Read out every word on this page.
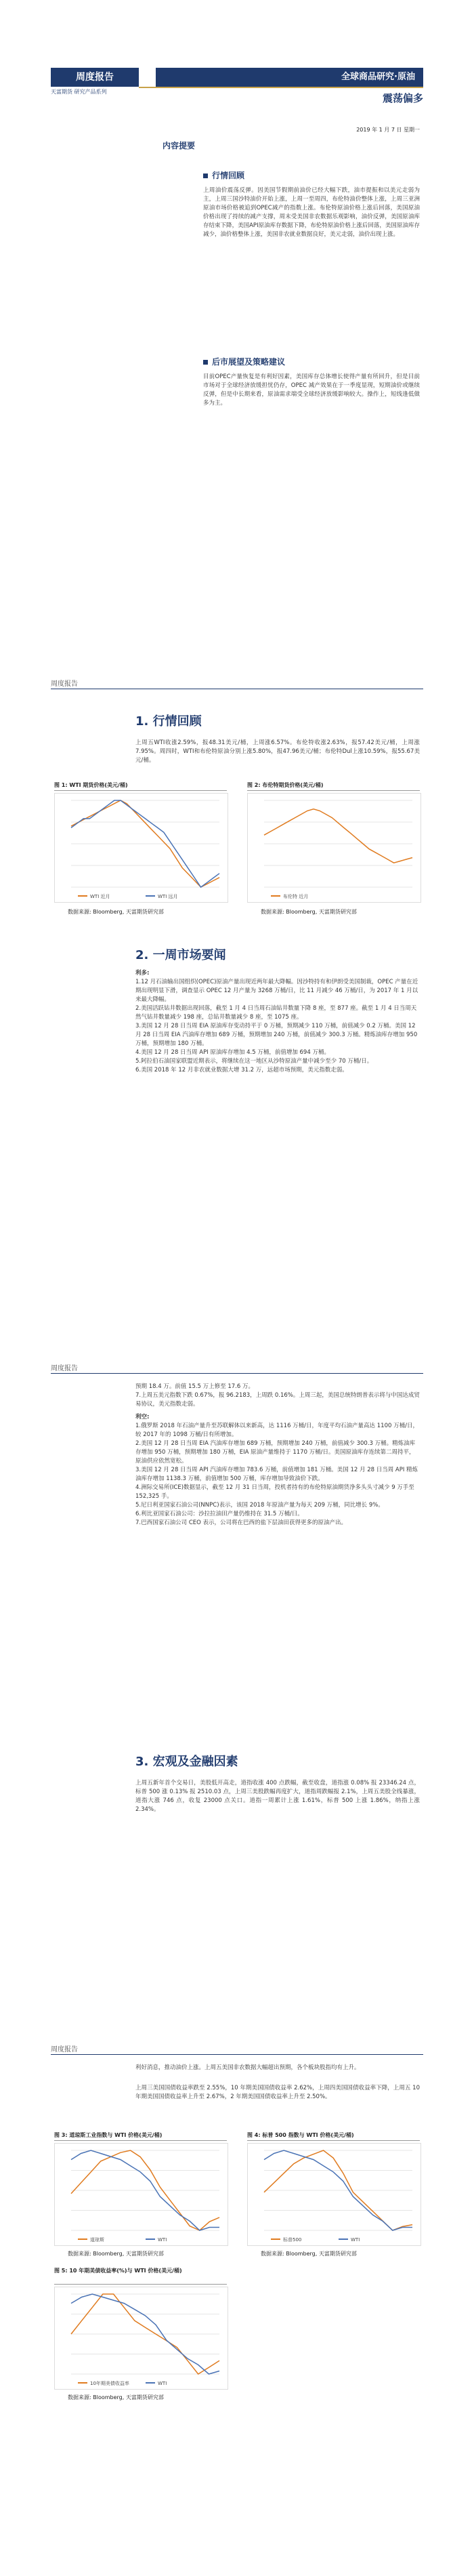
周度报告
天富期货 研究产品系列
全球商品研究·原油
震荡偏多
2019 年 1 月 7 日 星期一
内容提要
行情回顾
上周油价震荡反弹。因美国节假期前油价已经大幅下跌，油市提振和以美元走弱为主，上周三国沙特油价开始上涨，上周一至周四，布伦特油价整体上涨，上周三亚洲原油市场价格被追到OPEC减产的指数上涨。布伦特原油价格上涨后回落，美国原油价格出现了持续的减产支撑，周末受美国非农数据乐观影响，油价反弹，美国原油库存结束下降，美国API原油库存数据下降，布伦特原油价格上涨后回落，美国原油库存减少，油价格整体上涨，美国非农就业数据良好，美元走弱，油价出现上涨。
后市展望及策略建议
目前OPEC产量恢复是有利好因素，美国库存总体增长使得产量有所回升，但是目前市场对于全球经济放缓担忧仍存，OPEC 减产效果在于一季度显现，短期油价或继续反弹，但是中长期来看，原油需求端受全球经济放缓影响较大。操作上，短线逢低做多为主。
周度报告
1. 行情回顾
上周五WTI收涨2.59%，报48.31美元/桶，上周涨6.57%。布伦特收涨2.63%，报57.42美元/桶，上周涨7.95%。周四时，WTI和布伦特原油分别上涨5.80%，报47.96美元/桶；布伦特Dul上涨10.59%，报55.67美元/桶。
图 1: WTI 期货价格(美元/桶)
WTI 近月	WTI 远月
图 2: 布伦特期货价格(美元/桶)
布伦特 近月
数据来源: Bloomberg, 天富期货研究部	数据来源: Bloomberg, 天富期货研究部
2. 一周市场要闻
利多:
1.12 月石油输出国组织(OPEC)原油产量出现近两年最大降幅。因沙特持有和伊朗受美国制裁，OPEC 产量在近期出现明显下滑，调查显示 OPEC 12 月产量为 3268 万桶/日，比 11 月减少 46 万桶/日，为 2017 年 1 月以来最大降幅。
2.美国活跃钻井数据出现回落，截至 1 月 4 日当周石油钻井数量下降 8 座，至 877 座。截至 1 月 4 日当周天然气钻井数量减少 198 座，总钻井数量减少 8 座，至 1075 座。
3.美国 12 月 28 日当周 EIA 原油库存变动持平于 0 万桶，预期减少 110 万桶，前值减少 0.2 万桶。美国 12 月 28 日当周 EIA 汽油库存增加 689 万桶，预期增加 240 万桶，前值减少 300.3 万桶。精炼油库存增加 950 万桶，预期增加 180 万桶。
4.美国 12 月 28 日当周 API 原油库存增加 4.5 万桶，前值增加 694 万桶。
5.阿拉伯石油国家联盟近期表示，将继续在这一地区从沙特原油产量中减少至少 70 万桶/日。
6.美国 2018 年 12 月非农就业数据大增 31.2 万，远超市场预期，美元指数走弱。
周度报告
预期 18.4 万。前值 15.5 万上修至 17.6 万。
7.上周五美元指数下跌 0.67%，报 96.2183，上周跌 0.16%。上周三起，美国总统特朗普表示将与中国达成贸易协议，美元指数走弱。
利空:
1.俄罗斯 2018 年石油产量升至苏联解体以来新高，达 1116 万桶/日，年度平均石油产量高达 1100 万桶/日，较 2017 年的 1098 万桶/日有所增加。
2.美国 12 月 28 日当周 EIA 汽油库存增加 689 万桶，预期增加 240 万桶，前值减少 300.3 万桶。精炼油库存增加 950 万桶，预期增加 180 万桶，EIA 原油产量维持于 1170 万桶/日。美国原油库存连续第二周持平，原油供应依然宽松。
3.美国 12 月 28 日当周 API 汽油库存增加 783.6 万桶，前值增加 181 万桶。美国 12 月 28 日当周 API 精炼油库存增加 1138.3 万桶，前值增加 500 万桶，库存增加导致油价下跌。
4.洲际交易所(ICE)数据显示，截至 12 月 31 日当周，投机者持有的布伦特原油期货净多头头寸减少 9 万手至 152,325 手。
5.尼日利亚国家石油公司(NNPC)表示，该国 2018 年原油产量为每天 209 万桶，同比增长 9%。
6.利比亚国家石油公司：沙拉拉油田产量仍维持在 31.5 万桶/日。
7.巴西国家石油公司 CEO 表示，公司将在巴西的盐下层油田获得更多的原油产出。
3. 宏观及金融因素
上周五新年首个交易日，美股低开高走，道指收涨 400 点跌幅，截至收盘，道指涨 0.08% 报 23346.24 点，标普 500 涨 0.13% 报 2510.03 点，上周三美股跌幅再度扩大，道指周跌幅报 2.1%，上周五美股全线暴涨，道指大涨 746 点，收复 23000 点关口。道指一周累计上涨 1.61%，标普 500 上涨 1.86%，纳指上涨 2.34%。
周度报告
利好消息，推动油价上涨。上周五美国非农数据大幅超出预期，各个板块股指均有上升。
上周三美国国债收益率跌至 2.55%，10 年期美国国债收益率 2.62%，上周四美国国债收益率下降，上周五 10 年期美国国债收益率上升至 2.67%，2 年期美国国债收益率上升至 2.50%。
图 3: 道琼斯工业指数与 WTI 价格(美元/桶)
道琼斯	WTI
图 4: 标普 500 指数与 WTI 价格(美元/桶)
标普500	WTI
数据来源: Bloomberg, 天富期货研究部	数据来源: Bloomberg, 天富期货研究部
图 5: 10 年期美债收益率(%)与 WTI 价格(美元/桶)
10年期美债收益率	WTI
数据来源: Bloomberg, 天富期货研究部
